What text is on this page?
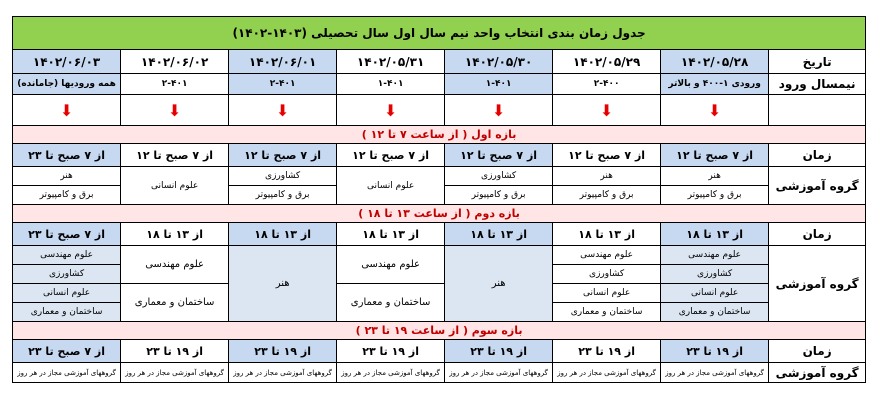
جدول زمان بندی انتخاب واحد نیم سال اول سال تحصیلی (۱۴۰۳-۱۴۰۲)							
تاریخ	۱۴۰۲/۰۵/۲۸	۱۴۰۲/۰۵/۲۹	۱۴۰۲/۰۵/۳۰	۱۴۰۲/۰۵/۳۱	۱۴۰۲/۰۶/۰۱	۱۴۰۲/۰۶/۰۲	۱۴۰۲/۰۶/۰۳
نیمسال ورود	ورودی ۱-۴۰۰ و بالاتر	۲-۴۰۰	۱-۴۰۱	۱-۴۰۱	۲-۴۰۱	۲-۴۰۱	همه ورودیها (جامانده)
	⬇	⬇	⬇	⬇	⬇	⬇	⬇
بازه اول ( از ساعت ۷ تا ۱۲ )							
زمان	از ۷ صبح تا ۱۲	از ۷ صبح تا ۱۲	از ۷ صبح تا ۱۲	از ۷ صبح تا ۱۲	از ۷ صبح تا ۱۲	از ۷ صبح تا ۱۲	از ۷ صبح تا ۲۳
گروه آموزشی	هنر	هنر	کشاورزی	علوم انسانی	کشاورزی	علوم انسانی	هنر
	برق و کامپیوتر	برق و کامپیوتر	برق و کامپیوتر		برق و کامپیوتر		برق و کامپیوتر
بازه دوم ( از ساعت ۱۳ تا ۱۸ )							
زمان	از ۱۳ تا ۱۸	از ۱۳ تا ۱۸	از ۱۳ تا ۱۸	از ۱۳ تا ۱۸	از ۱۳ تا ۱۸	از ۱۳ تا ۱۸	از ۷ صبح تا ۲۳
گروه آموزشی	علوم مهندسی	علوم مهندسی	هنر	علوم مهندسی	هنر	علوم مهندسی	علوم مهندسی
	کشاورزی	کشاورزی					کشاورزی
	علوم انسانی	علوم انسانی		ساختمان و معماری		ساختمان و معماری	علوم انسانی
	ساختمان و معماری	ساختمان و معماری					ساختمان و معماری
بازه سوم ( از ساعت ۱۹ تا ۲۳ )							
زمان	از ۱۹ تا ۲۳	از ۱۹ تا ۲۳	از ۱۹ تا ۲۳	از ۱۹ تا ۲۳	از ۱۹ تا ۲۳	از ۱۹ تا ۲۳	از ۷ صبح تا ۲۳
گروه آموزشی	گروههای آموزشی مجاز در هر روز	گروههای آموزشی مجاز در هر روز	گروههای آموزشی مجاز در هر روز	گروههای آموزشی مجاز در هر روز	گروههای آموزشی مجاز در هر روز	گروههای آموزشی مجاز در هر روز	گروههای آموزشی مجاز در هر روز
